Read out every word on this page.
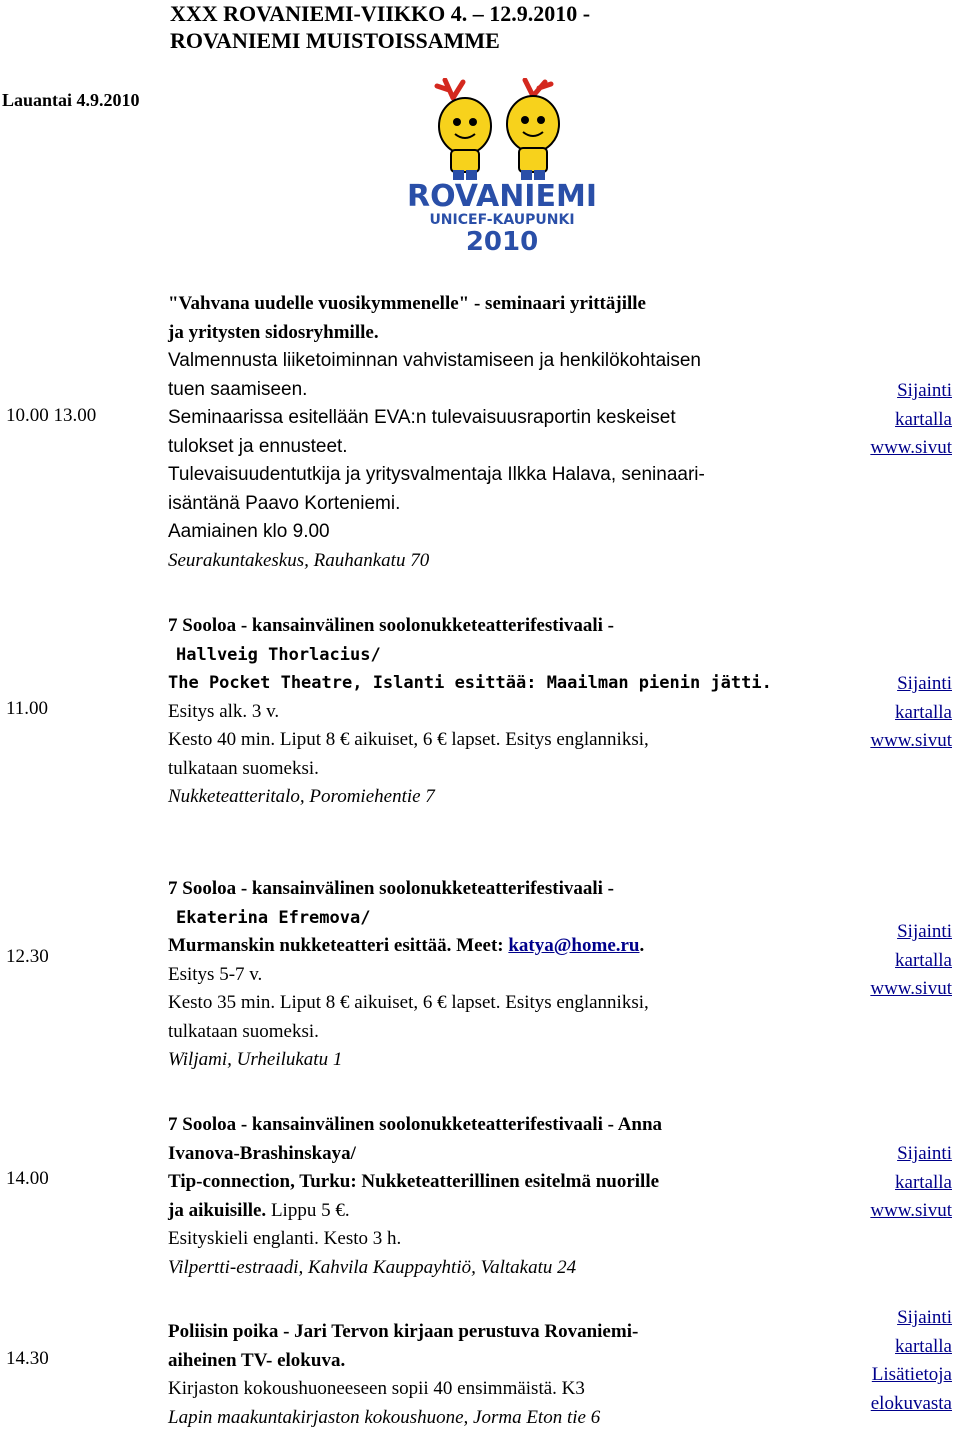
XXX ROVANIEMI-VIIKKO 4. – 12.9.2010 -
ROVANIEMI MUISTOISSAMME
Lauantai 4.9.2010
ROVANIEMI
UNICEF-KAUPUNKI
2010
10.00 13.00
"Vahvana uudelle vuosikymmenelle" - seminaari yrittäjille
ja yritysten sidosryhmille.
Valmennusta liiketoiminnan vahvistamiseen ja henkilökohtaisen
tuen saamiseen.
Seminaarissa esitellään EVA:n tulevaisuusraportin keskeiset
tulokset ja ennusteet.
Tulevaisuudentutkija ja yritysvalmentaja Ilkka Halava, seninaari-
isäntänä Paavo Korteniemi.
Aamiainen klo 9.00
Seurakuntakeskus, Rauhankatu 70
Sijainti
kartalla
www.sivut
11.00
7 Sooloa - kansainvälinen soolonukketeatterifestivaali -
Hallveig Thorlacius/
The Pocket Theatre, Islanti esittää: Maailman pienin jätti.
Esitys alk. 3 v.
Kesto 40 min. Liput 8 € aikuiset, 6 € lapset. Esitys englanniksi,
tulkataan suomeksi.
Nukketeatteritalo, Poromiehentie 7
Sijainti
kartalla
www.sivut
12.30
7 Sooloa - kansainvälinen soolonukketeatterifestivaali -
Ekaterina Efremova/
Murmanskin nukketeatteri esittää. Meet: katya@home.ru.
Esitys 5-7 v.
Kesto 35 min. Liput 8 € aikuiset, 6 € lapset. Esitys englanniksi,
tulkataan suomeksi.
Wiljami, Urheilukatu 1
Sijainti
kartalla
www.sivut
14.00
7 Sooloa - kansainvälinen soolonukketeatterifestivaali - Anna
Ivanova-Brashinskaya/
Tip-connection, Turku: Nukketeatterillinen esitelmä nuorille
ja aikuisille. Lippu 5 €.
Esityskieli englanti. Kesto 3 h.
Vilpertti-estraadi, Kahvila Kauppayhtiö, Valtakatu 24
Sijainti
kartalla
www.sivut
14.30
Poliisin poika - Jari Tervon kirjaan perustuva Rovaniemi-
aiheinen TV- elokuva.
Kirjaston kokoushuoneeseen sopii 40 ensimmäistä. K3
Lapin maakuntakirjaston kokoushuone, Jorma Eton tie 6
Sijainti
kartalla
Lisätietoja
elokuvasta
